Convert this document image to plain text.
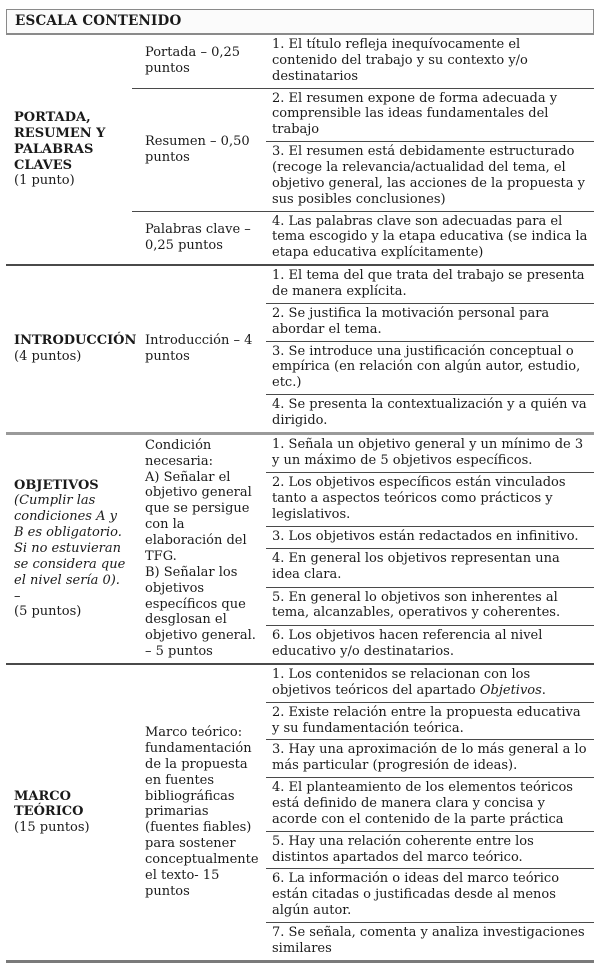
ESCALA CONTENIDO
PORTADA, RESUMEN Y PALABRAS CLAVES
(1 punto)
Portada – 0,25 puntos
1. El título refleja inequívocamente el contenido del trabajo y su contexto y/o destinatarios
Resumen – 0,50 puntos
2. El resumen expone de forma adecuada y comprensible las ideas fundamentales del trabajo
3. El resumen está debidamente estructurado (recoge la relevancia/actualidad del tema, el objetivo general, las acciones de la propuesta y sus posibles conclusiones)
Palabras clave – 0,25 puntos
4. Las palabras clave son adecuadas para el tema escogido y la etapa educativa (se indica la etapa educativa explícitamente)
INTRODUCCIÓN
(4 puntos)
Introducción – 4 puntos
1. El tema del que trata del trabajo se presenta de manera explícita.
2. Se justifica la motivación personal para abordar el tema.
3. Se introduce una justificación conceptual o empírica (en relación con algún autor, estudio, etc.)
4. Se presenta la contextualización y a quién va dirigido.
OBJETIVOS
(Cumplir las condiciones A y B es obligatorio. Si no estuvieran se considera que el nivel sería 0). –
(5 puntos)
Condición necesaria:
A) Señalar el objetivo general que se persigue con la elaboración del TFG.
B) Señalar los objetivos específicos que desglosan el objetivo general. – 5 puntos
1. Señala un objetivo general y un mínimo de 3 y un máximo de 5 objetivos específicos.
2. Los objetivos específicos están vinculados tanto a aspectos teóricos como prácticos y legislativos.
3. Los objetivos están redactados en infinitivo.
4. En general los objetivos representan una idea clara.
5. En general lo objetivos son inherentes al tema, alcanzables, operativos y coherentes.
6. Los objetivos hacen referencia al nivel educativo y/o destinatarios.
MARCO TEÓRICO
(15 puntos)
Marco teórico: fundamentación de la propuesta en fuentes bibliográficas primarias (fuentes fiables) para sostener conceptualmente el texto- 15 puntos
1. Los contenidos se relacionan con los objetivos teóricos del apartado Objetivos.
2. Existe relación entre la propuesta educativa y su fundamentación teórica.
3. Hay una aproximación de lo más general a lo más particular (progresión de ideas).
4. El planteamiento de los elementos teóricos está definido de manera clara y concisa y acorde con el contenido de la parte práctica
5. Hay una relación coherente entre los distintos apartados del marco teórico.
6. La información o ideas del marco teórico están citadas o justificadas desde al menos algún autor.
7. Se señala, comenta y analiza investigaciones similares
